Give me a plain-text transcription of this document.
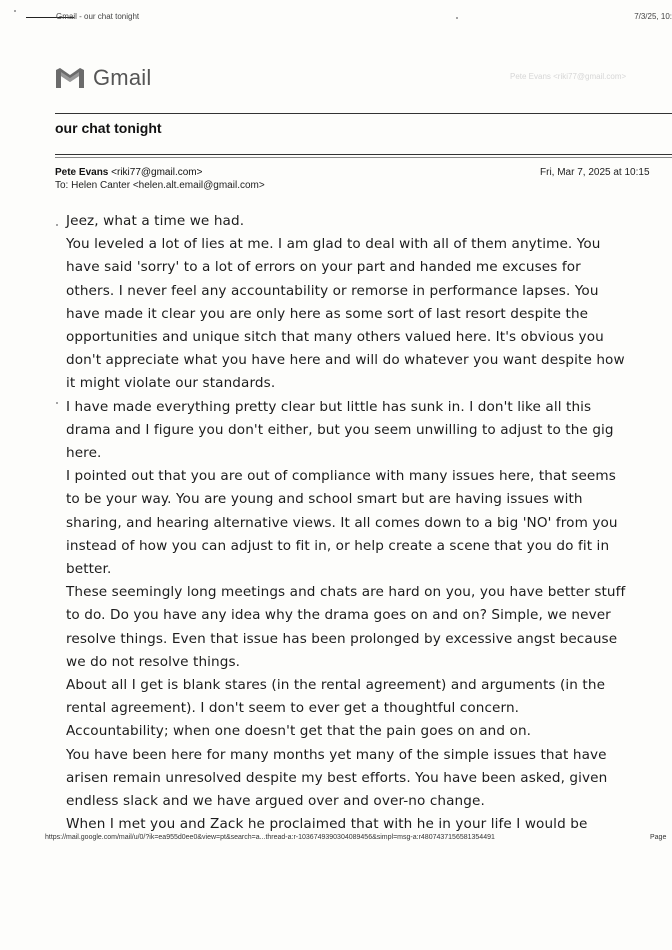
Gmail - our chat tonight	7/3/25, 10:
Gmail	Pete Evans <riki77@gmail.com>
our chat tonight
Pete Evans <riki77@gmail.com>
To: Helen Canter <helen.alt.email@gmail.com>
Fri, Mar 7, 2025 at 10:15
Jeez, what a time we had.
You leveled a lot of lies at me. I am glad to deal with all of them anytime. You
have said 'sorry' to a lot of errors on your part and handed me excuses for
others. I never feel any accountability or remorse in performance lapses. You
have made it clear you are only here as some sort of last resort despite the
opportunities and unique sitch that many others valued here. It's obvious you
don't appreciate what you have here and will do whatever you want despite how
it might violate our standards.
I have made everything pretty clear but little has sunk in. I don't like all this
drama and I figure you don't either, but you seem unwilling to adjust to the gig
here.
I pointed out that you are out of compliance with many issues here, that seems
to be your way. You are young and school smart but are having issues with
sharing, and hearing alternative views. It all comes down to a big 'NO' from you
instead of how you can adjust to fit in, or help create a scene that you do fit in
better.
These seemingly long meetings and chats are hard on you, you have better stuff
to do. Do you have any idea why the drama goes on and on? Simple, we never
resolve things. Even that issue has been prolonged by excessive angst because
we do not resolve things.
About all I get is blank stares (in the rental agreement) and arguments (in the
rental agreement). I don't seem to ever get a thoughtful concern.
Accountability; when one doesn't get that the pain goes on and on.
You have been here for many months yet many of the simple issues that have
arisen remain unresolved despite my best efforts. You have been asked, given
endless slack and we have argued over and over-no change.
When I met you and Zack he proclaimed that with he in your life I would be
https://mail.google.com/mail/u/0/?ik=ea955d0ee0&view=pt&search=a...thread-a:r-1036749390304089456&simpl=msg-a:r4807437156581354491	Page
